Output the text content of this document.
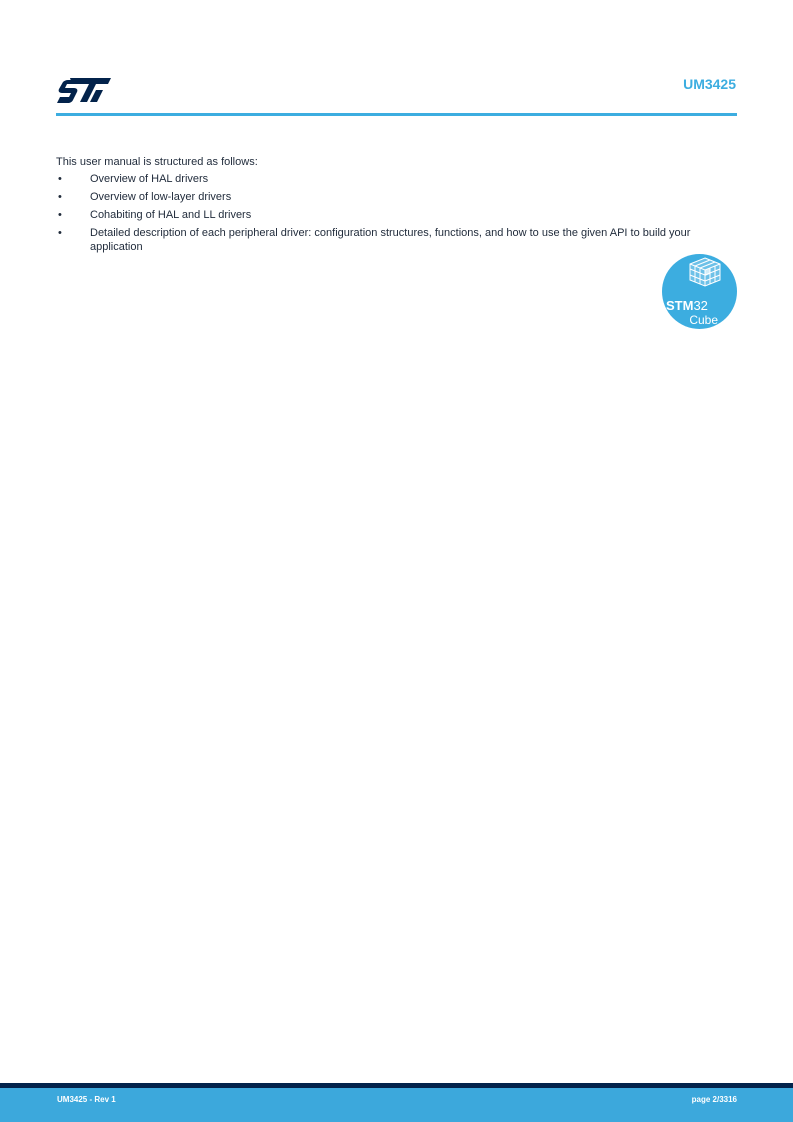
UM3425

This user manual is structured as follows:

•	Overview of HAL drivers
•	Overview of low-layer drivers
•	Cohabiting of HAL and LL drivers
•	Detailed description of each peripheral driver: configuration structures, functions, and how to use the given API to build your application
STM32
Cube
UM3425 - Rev 1	page 2/3316
